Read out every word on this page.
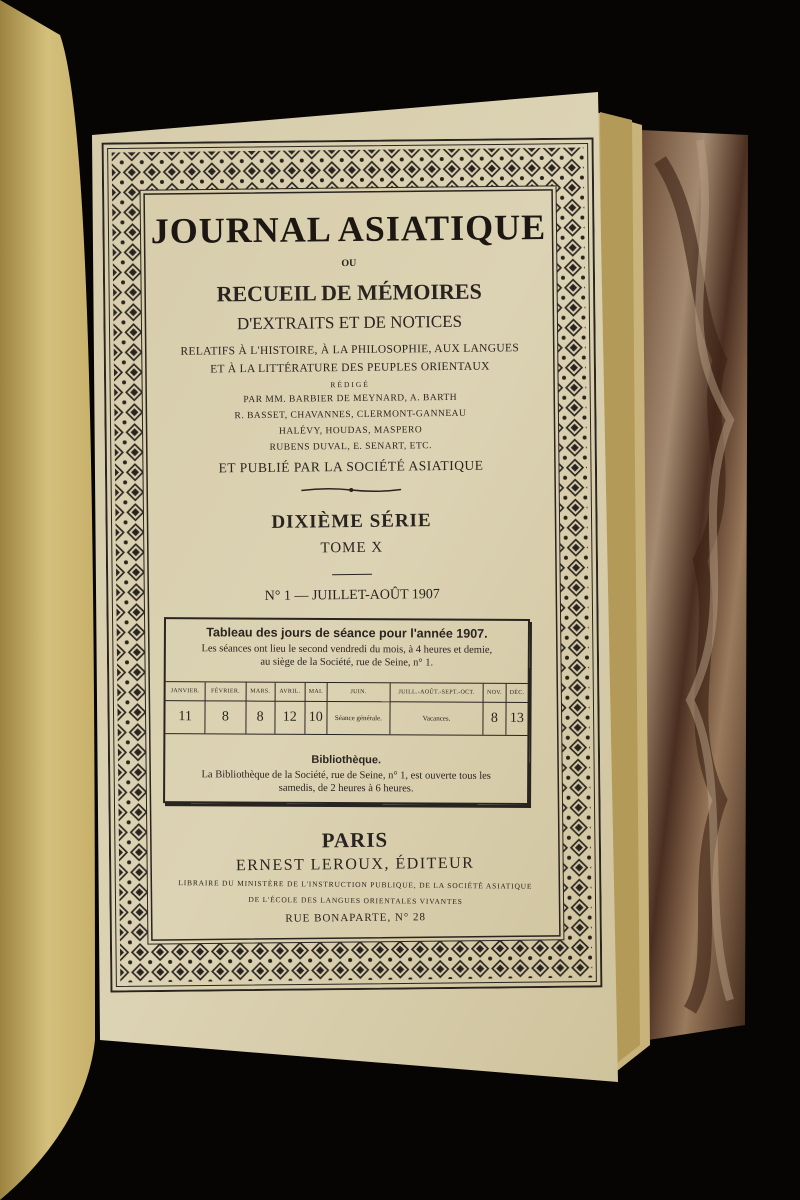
JOURNAL ASIATIQUE
OU
RECUEIL DE MÉMOIRES
D'EXTRAITS ET DE NOTICES
RELATIFS À L'HISTOIRE, À LA PHILOSOPHIE, AUX LANGUES
ET À LA LITTÉRATURE DES PEUPLES ORIENTAUX
RÉDIGÉ
PAR MM. BARBIER DE MEYNARD, A. BARTH
R. BASSET, CHAVANNES, CLERMONT-GANNEAU
HALÉVY, HOUDAS, MASPERO
RUBENS DUVAL, E. SENART, ETC.
ET PUBLIÉ PAR LA SOCIÉTÉ ASIATIQUE
DIXIÈME SÉRIE
TOME X
N° 1 — JUILLET-AOÛT 1907
Tableau des jours de séance pour l'année 1907.
Les séances ont lieu le second vendredi du mois, à 4 heures et demie,
au siège de la Société, rue de Seine, n° 1.
JANVIER.	FÉVRIER.	MARS.	AVRIL.	MAI.	JUIN.	JUILL.-AOÛT.-SEPT.-OCT.	NOV.	DÉC.
11	8	8	12	10	Séance générale.	Vacances.	8	13
Bibliothèque.
La Bibliothèque de la Société, rue de Seine, n° 1, est ouverte tous les
samedis, de 2 heures à 6 heures.
PARIS
ERNEST LEROUX, ÉDITEUR
LIBRAIRE DU MINISTÈRE DE L'INSTRUCTION PUBLIQUE, DE LA SOCIÉTÉ ASIATIQUE
DE L'ÉCOLE DES LANGUES ORIENTALES VIVANTES
RUE BONAPARTE, N° 28
